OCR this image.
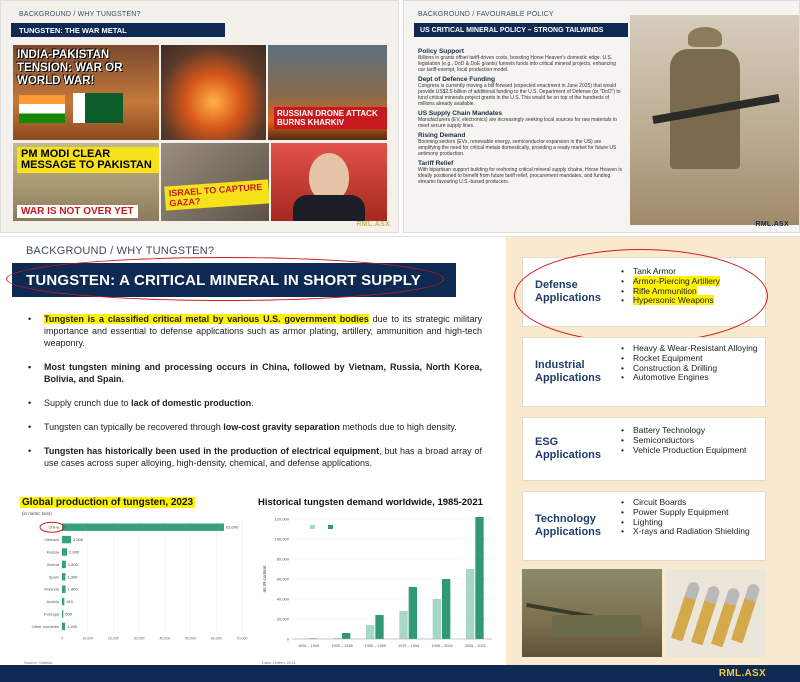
BACKGROUND / WHY TUNGSTEN?
TUNGSTEN: THE WAR METAL
INDIA-PAKISTAN TENSION: WAR OR WORLD WAR!
RUSSIAN DRONE ATTACK BURNS KHARKIV
PM MODI CLEAR MESSAGE TO PAKISTAN
WAR IS NOT OVER YET
ISRAEL TO CAPTURE GAZA?
RML.ASX
BACKGROUND / FAVOURABLE POLICY
US CRITICAL MINERAL POLICY – STRONG TAILWINDS
Policy Support

Billions in grants offset tariff-driven costs, boosting Horse Heaven's domestic edge. U.S. legislation (e.g., DoD & DoE grants) funnels funds into critical mineral projects, enhancing our tariff-exempt, local production model.

Dept of Defence Funding

Congress is currently moving a bill forward (expected enactment in June 2025) that would provide US$2.5 billion of additional funding to the U.S. Department of Defense (or "DoD") to fund critical minerals project grants in the U.S. This would be on top of the hundreds of millions already available.

US Supply Chain Mandates

Manufacturers (EV, electronics) are increasingly seeking local sources for raw materials to meet secure supply lines.

Rising Demand

Booming sectors (EVs, renewable energy, semiconductor expansion in the US) are amplifying the need for critical metals domestically, providing a ready market for future US antimony production.

Tariff Relief

With bipartisan support building for reshoring critical mineral supply chains, Horse Heaven is ideally positioned to benefit from future tariff relief, procurement mandates, and funding streams favouring U.S.-based producers.

RML.ASX
BACKGROUND / WHY TUNGSTEN?
TUNGSTEN: A CRITICAL MINERAL IN SHORT SUPPLY
• Tungsten is a classified critical metal by various U.S. government bodies due to its strategic military importance and essential to defense applications such as armor plating, artillery, ammunition and high-tech weaponry.
• Most tungsten mining and processing occurs in China, followed by Vietnam, Russia, North Korea, Bolivia, and Spain.
• Supply crunch due to lack of domestic production.
• Tungsten can typically be recovered through low-cost gravity separation methods due to high density.
• Tungsten has historically been used in the production of electrical equipment, but has a broad array of use cases across super alloying, high-density, chemical, and defense applications.
Global production of tungsten, 2023
(in metric tons)
0	10,000	20,000	30,000	40,000	50,000	60,000	70,000
China	63,000
Vietnam	3,500
Russia	2,000
Bolivia 1,500
Spain 1,300
Rwanda 1,400
Austria 910
Portugal 500
Other countries 1,200
Source: Statista
Historical tungsten demand worldwide, 1985-2021
0
20,000
40,000
60,000
80,000
100,000
120,000
mt W-content
1891 – 1905	1905 – 1938	1960 – 1969	1975 – 1994	1995 – 2004	2005 – 2021
Data: Leiden, 2021
Defense Applications
• Tank Armor
• Armor-Piercing Artillery
• Rifle Ammunition
• Hypersonic Weapons
Industrial Applications
• Heavy & Wear-Resistant Alloying
• Rocket Equipment
• Construction & Drilling
• Automotive Engines
ESG Applications
• Battery Technology
• Semiconductors
• Vehicle Production Equipment
Technology Applications
• Circuit Boards
• Power Supply Equipment
• Lighting
• X-rays and Radiation Shielding
RML.ASX
